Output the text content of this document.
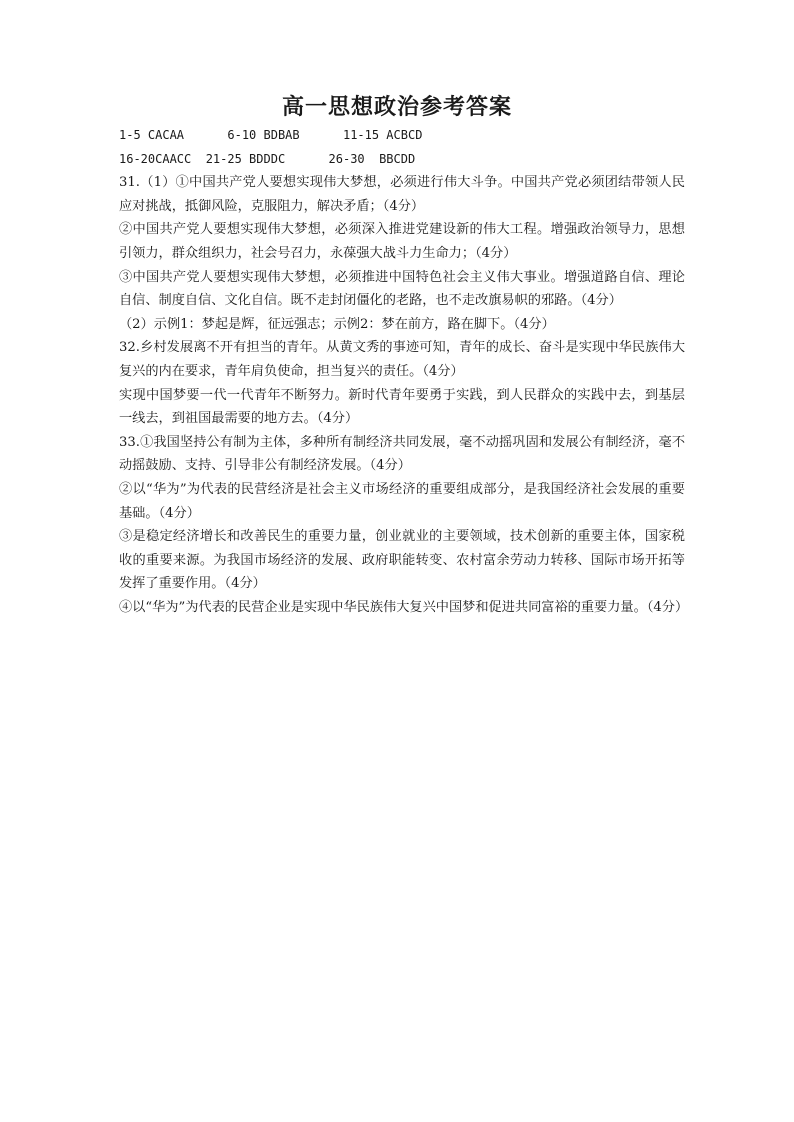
高一思想政治参考答案
1-5 CACAA      6-10 BDBAB      11-15 ACBCD
16-20CAACC  21-25 BDDDC      26-30  BBCDD

31.（1）①中国共产党人要想实现伟大梦想，必须进行伟大斗争。中国共产党必须团结带领人民应对挑战，抵御风险，克服阻力，解决矛盾；（4分）

②中国共产党人要想实现伟大梦想，必须深入推进党建设新的伟大工程。增强政治领导力，思想引领力，群众组织力，社会号召力，永葆强大战斗力生命力；（4分）

③中国共产党人要想实现伟大梦想，必须推进中国特色社会主义伟大事业。增强道路自信、理论自信、制度自信、文化自信。既不走封闭僵化的老路，也不走改旗易帜的邪路。（4分）

（2）示例1：梦起是辉，征远强志；示例2：梦在前方，路在脚下。（4分）

32.乡村发展离不开有担当的青年。从黄文秀的事迹可知，青年的成长、奋斗是实现中华民族伟大复兴的内在要求，青年肩负使命，担当复兴的责任。（4分）

实现中国梦要一代一代青年不断努力。新时代青年要勇于实践，到人民群众的实践中去，到基层一线去，到祖国最需要的地方去。（4分）

33.①我国坚持公有制为主体，多种所有制经济共同发展，毫不动摇巩固和发展公有制经济，毫不动摇鼓励、支持、引导非公有制经济发展。（4分）

②以“华为”为代表的民营经济是社会主义市场经济的重要组成部分，是我国经济社会发展的重要基础。（4分）

③是稳定经济增长和改善民生的重要力量，创业就业的主要领域，技术创新的重要主体，国家税收的重要来源。为我国市场经济的发展、政府职能转变、农村富余劳动力转移、国际市场开拓等发挥了重要作用。（4分）

④以“华为”为代表的民营企业是实现中华民族伟大复兴中国梦和促进共同富裕的重要力量。（4分）
